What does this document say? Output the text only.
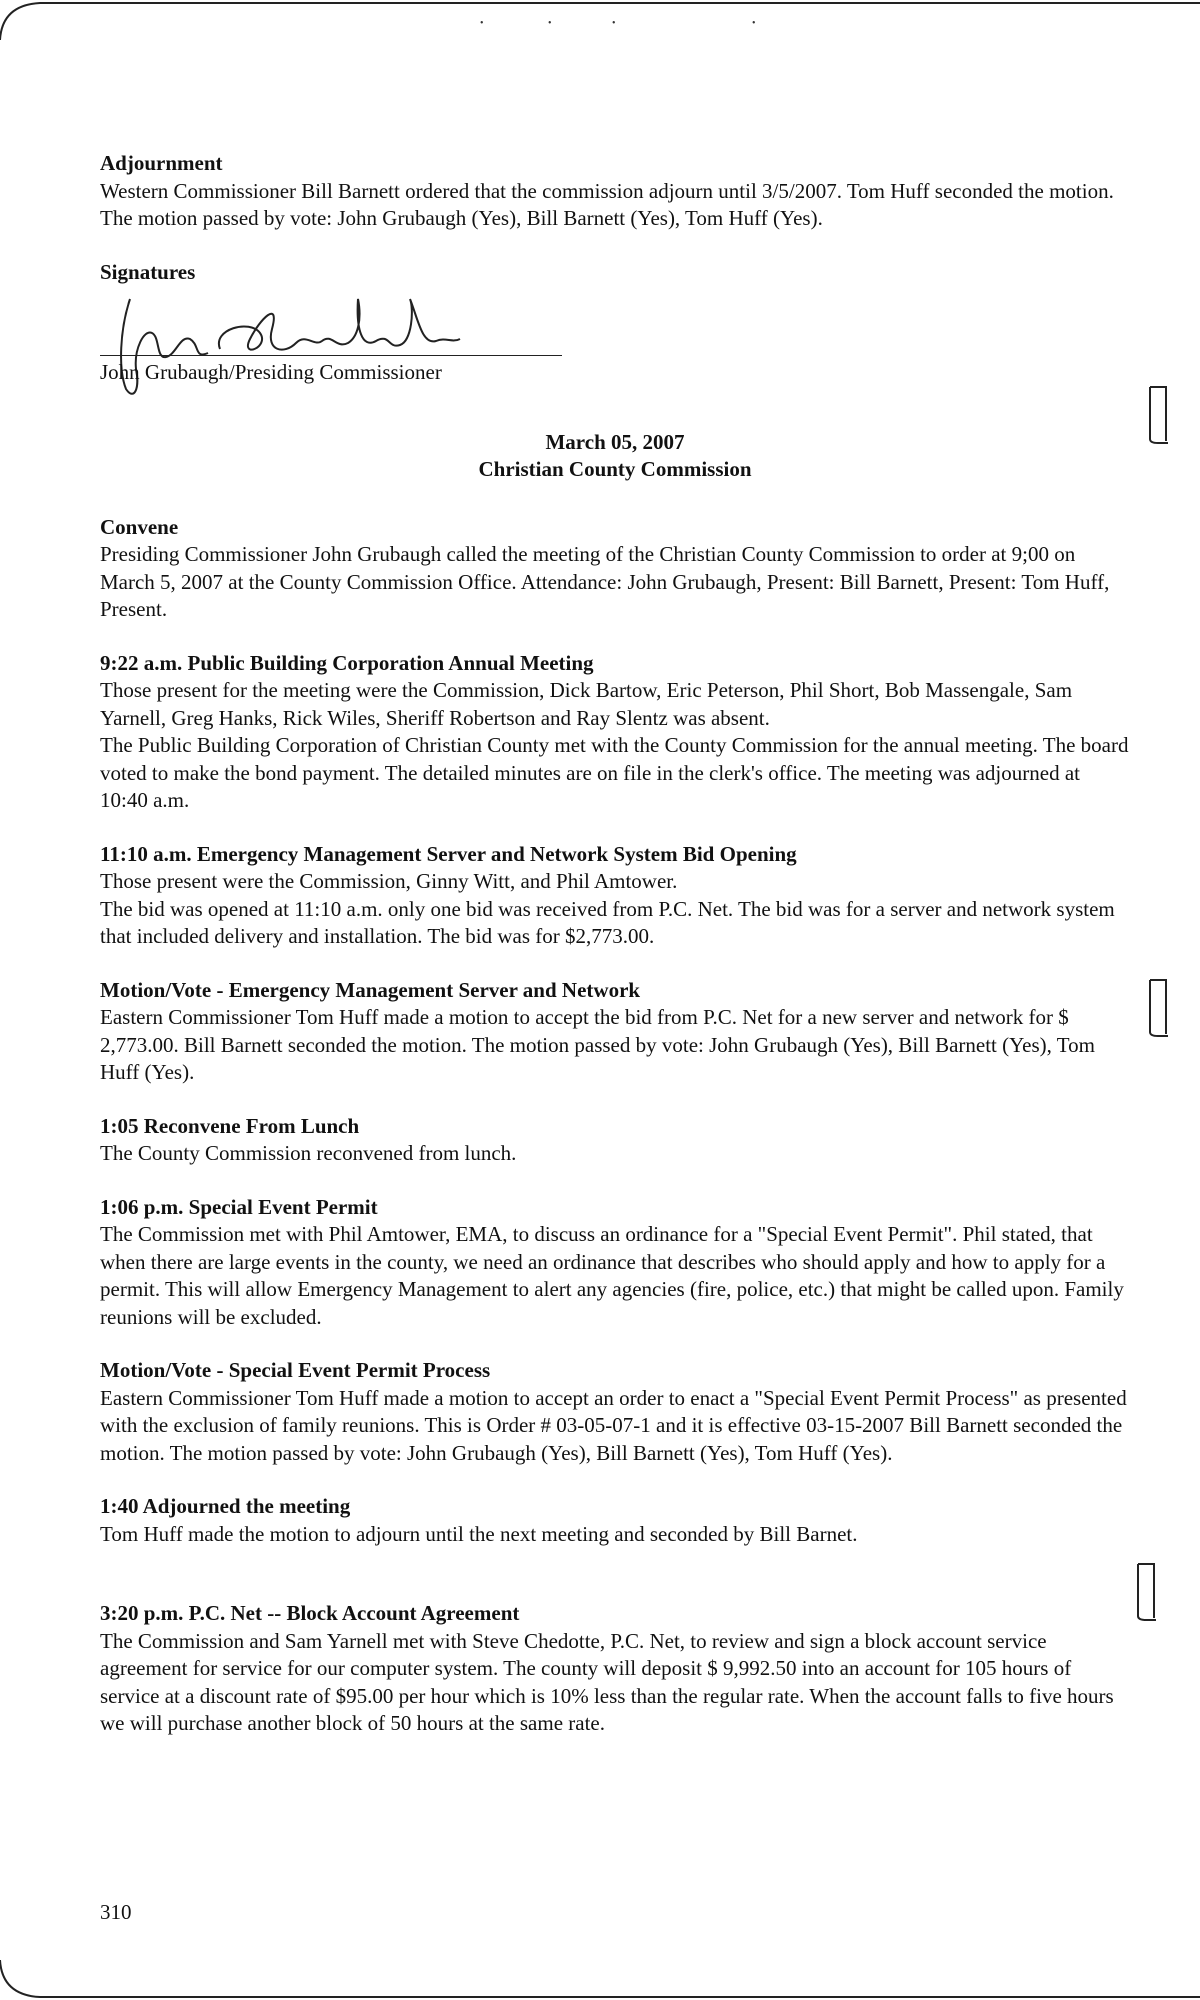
•	•	•	•
Adjournment
Western Commissioner Bill Barnett ordered that the commission adjourn until 3/5/2007. Tom Huff seconded the motion. The motion passed by vote: John Grubaugh (Yes), Bill Barnett (Yes), Tom Huff (Yes).
Signatures
John Grubaugh/Presiding Commissioner
March 05, 2007
Christian County Commission
Convene
Presiding Commissioner John Grubaugh called the meeting of the Christian County Commission to order at 9;00 on March 5, 2007 at the County Commission Office. Attendance: John Grubaugh, Present: Bill Barnett, Present: Tom Huff, Present.
9:22 a.m. Public Building Corporation Annual Meeting
Those present for the meeting were the Commission, Dick Bartow, Eric Peterson, Phil Short, Bob Massengale, Sam Yarnell, Greg Hanks, Rick Wiles, Sheriff Robertson and Ray Slentz was absent.
The Public Building Corporation of Christian County met with the County Commission for the annual meeting. The board voted to make the bond payment. The detailed minutes are on file in the clerk's office. The meeting was adjourned at 10:40 a.m.
11:10 a.m. Emergency Management Server and Network System Bid Opening
Those present were the Commission, Ginny Witt, and Phil Amtower.
The bid was opened at 11:10 a.m. only one bid was received from P.C. Net. The bid was for a server and network system that included delivery and installation. The bid was for $2,773.00.
Motion/Vote - Emergency Management Server and Network
Eastern Commissioner Tom Huff made a motion to accept the bid from P.C. Net for a new server and network for $ 2,773.00. Bill Barnett seconded the motion. The motion passed by vote: John Grubaugh (Yes), Bill Barnett (Yes), Tom Huff (Yes).
1:05 Reconvene From Lunch
The County Commission reconvened from lunch.
1:06 p.m. Special Event Permit
The Commission met with Phil Amtower, EMA, to discuss an ordinance for a "Special Event Permit". Phil stated, that when there are large events in the county, we need an ordinance that describes who should apply and how to apply for a permit. This will allow Emergency Management to alert any agencies (fire, police, etc.) that might be called upon. Family reunions will be excluded.
Motion/Vote - Special Event Permit Process
Eastern Commissioner Tom Huff made a motion to accept an order to enact a "Special Event Permit Process" as presented with the exclusion of family reunions. This is Order # 03-05-07-1 and it is effective 03-15-2007 Bill Barnett seconded the motion. The motion passed by vote: John Grubaugh (Yes), Bill Barnett (Yes), Tom Huff (Yes).
1:40 Adjourned the meeting
Tom Huff made the motion to adjourn until the next meeting and seconded by Bill Barnet.
3:20 p.m. P.C. Net -- Block Account Agreement
The Commission and Sam Yarnell met with Steve Chedotte, P.C. Net, to review and sign a block account service agreement for service for our computer system. The county will deposit $ 9,992.50 into an account for 105 hours of service at a discount rate of $95.00 per hour which is 10% less than the regular rate. When the account falls to five hours we will purchase another block of 50 hours at the same rate.
310
